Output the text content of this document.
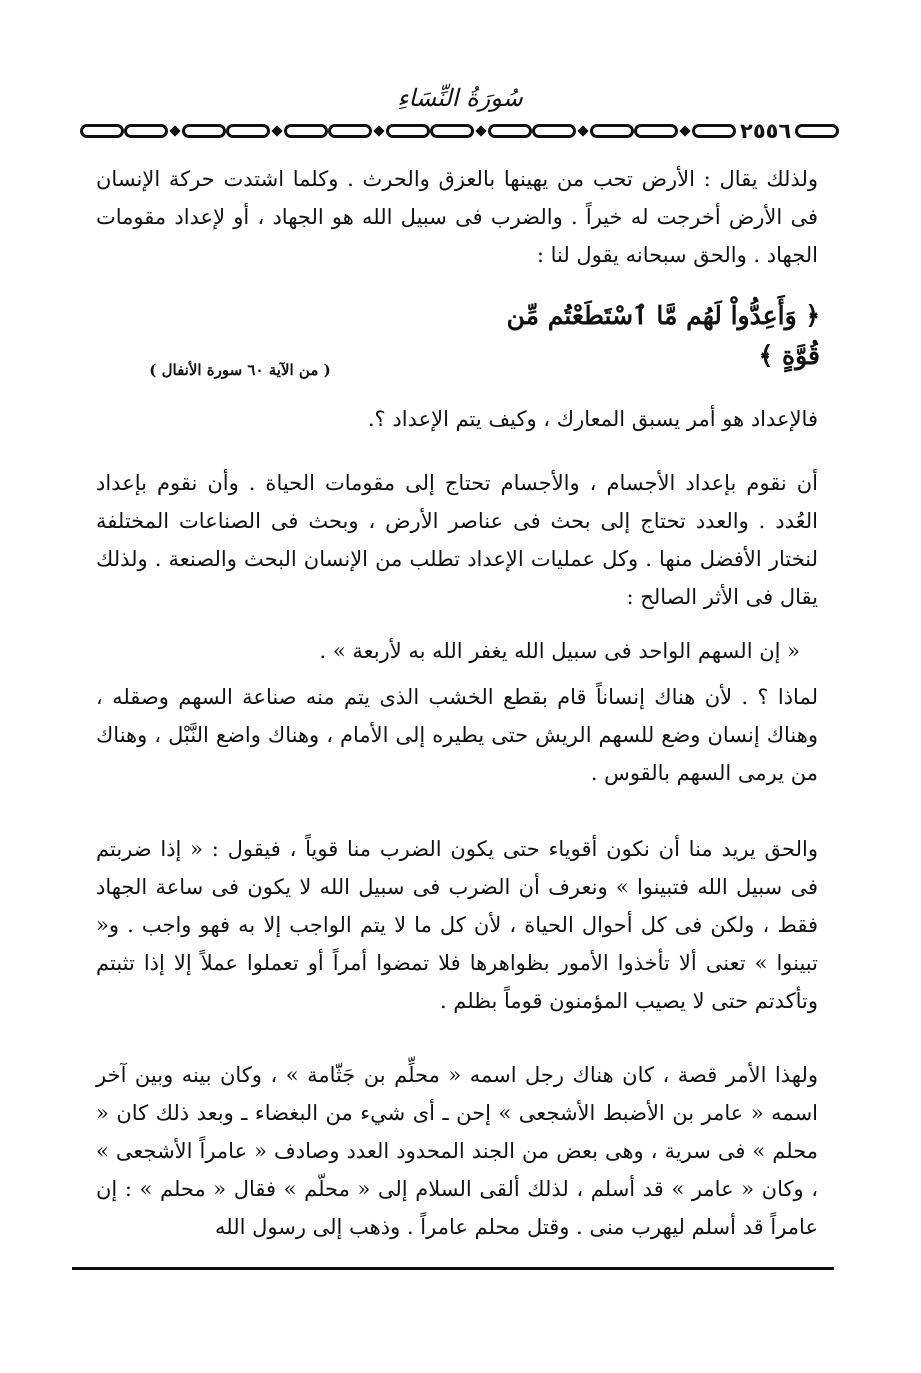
سُورَةُ النِّسَاءِ
٢٥٥٦

ولذلك يقال : الأرض تحب من يهينها بالعزق والحرث . وكلما اشتدت حركة الإنسان فى الأرض أخرجت له خيراً . والضرب فى سبيل الله هو الجهاد ، أو لإعداد مقومات الجهاد . والحق سبحانه يقول لنا :

﴿ وَأَعِدُّواْ لَهُم مَّا ٱسْتَطَعْتُم مِّن قُوَّةٍ ﴾
( من الآية ٦٠ سورة الأنفال )

فالإعداد هو أمر يسبق المعارك ، وكيف يتم الإعداد ؟.

أن نقوم بإعداد الأجسام ، والأجسام تحتاج إلى مقومات الحياة . وأن نقوم بإعداد العُدد . والعدد تحتاج إلى بحث فى عناصر الأرض ، وبحث فى الصناعات المختلفة لنختار الأفضل منها . وكل عمليات الإعداد تطلب من الإنسان البحث والصنعة . ولذلك يقال فى الأثر الصالح :

« إن السهم الواحد فى سبيل الله يغفر الله به لأربعة » .

لماذا ؟ . لأن هناك إنساناً قام بقطع الخشب الذى يتم منه صناعة السهم وصقله ، وهناك إنسان وضع للسهم الريش حتى يطيره إلى الأمام ، وهناك واضع النَّبْل ، وهناك من يرمى السهم بالقوس .

والحق يريد منا أن نكون أقوياء حتى يكون الضرب منا قوياً ، فيقول : « إذا ضربتم فى سبيل الله فتبينوا » ونعرف أن الضرب فى سبيل الله لا يكون فى ساعة الجهاد فقط ، ولكن فى كل أحوال الحياة ، لأن كل ما لا يتم الواجب إلا به فهو واجب . و« تبينوا » تعنى ألا تأخذوا الأمور بظواهرها فلا تمضوا أمراً أو تعملوا عملاً إلا إذا تثبتم وتأكدتم حتى لا يصيب المؤمنون قوماً بظلم .

ولهذا الأمر قصة ، كان هناك رجل اسمه « محلِّم بن جَثّامة » ، وكان بينه وبين آخر اسمه « عامر بن الأضبط الأشجعى » إحن ـ أى شيء من البغضاء ـ وبعد ذلك كان « محلم » فى سرية ، وهى بعض من الجند المحدود العدد وصادف « عامراً الأشجعى » ، وكان « عامر » قد أسلم ، لذلك ألقى السلام إلى « محلّم » فقال « محلم » : إن عامراً قد أسلم ليهرب منى . وقتل محلم عامراً . وذهب إلى رسول الله
